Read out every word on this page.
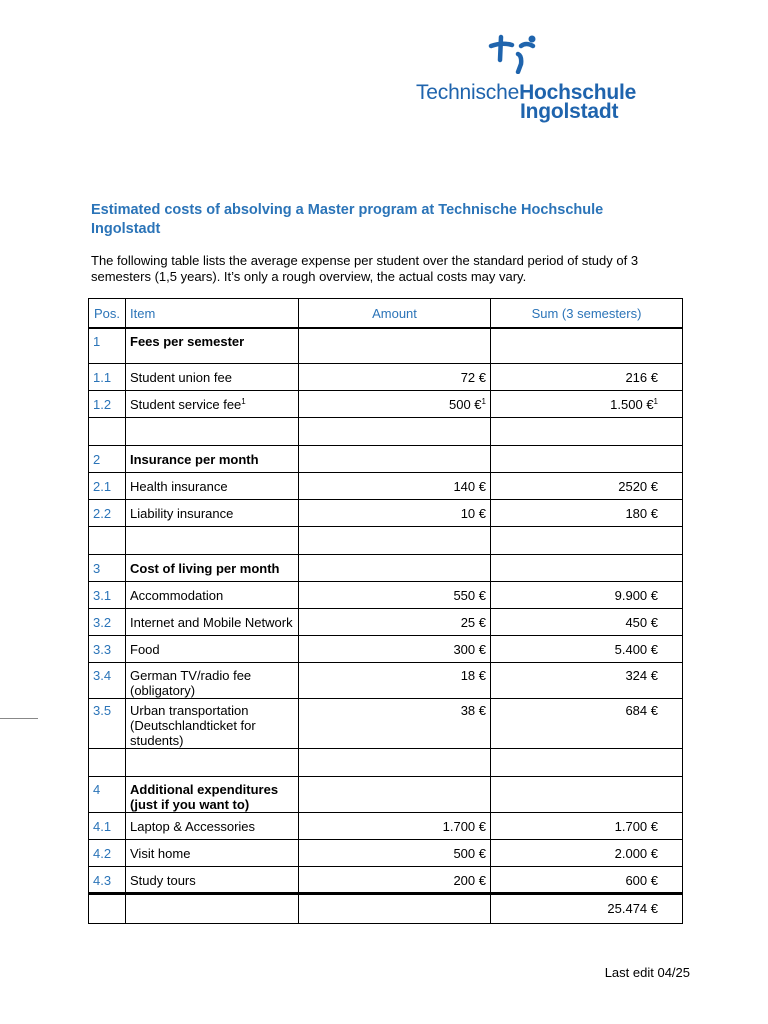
TechnischeHochschule
Ingolstadt
Estimated costs of absolving a Master program at Technische Hochschule Ingolstadt
The following table lists the average expense per student over the standard period of study of 3 semesters (1,5 years). It’s only a rough overview, the actual costs may vary.
Pos.	Item	Amount	Sum (3 semesters)
1	Fees per semester		
1.1	Student union fee	72 €	216 €
1.2	Student service fee$^1$	500 €$^1$	1.500 €$^1$

2	Insurance per month		
2.1	Health insurance	140 €	2520 €
2.2	Liability insurance	10 €	180 €

3	Cost of living per month		
3.1	Accommodation	550 €	9.900 €
3.2	Internet and Mobile Network	25 €	450 €
3.3	Food	300 €	5.400 €
3.4	German TV/radio fee (obligatory)	18 €	324 €
3.5	Urban transportation (Deutschlandticket for students)	38 €	684 €

4	Additional expenditures (just if you want to)		
4.1	Laptop & Accessories	1.700 €	1.700 €
4.2	Visit home	500 €	2.000 €
4.3	Study tours	200 €	600 €
			25.474 €
Last edit 04/25
